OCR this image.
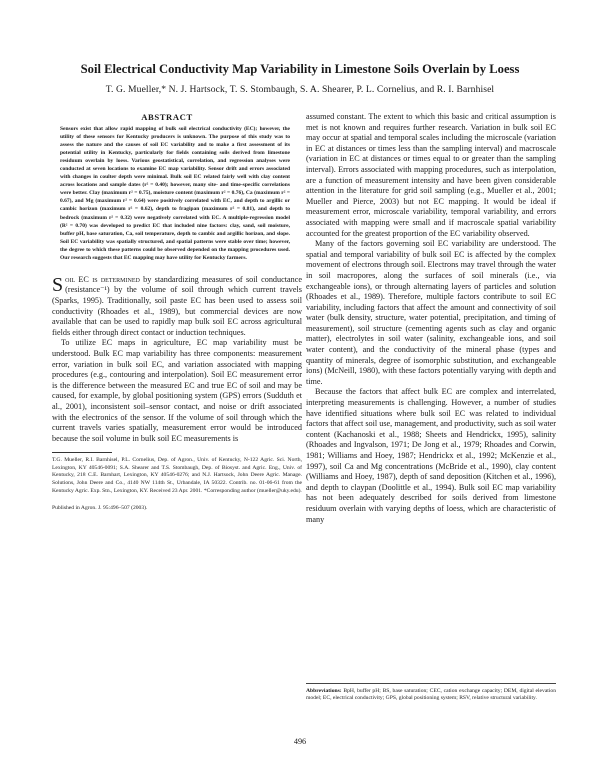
Soil Electrical Conductivity Map Variability in Limestone Soils Overlain by Loess
T. G. Mueller,* N. J. Hartsock, T. S. Stombaugh, S. A. Shearer, P. L. Cornelius, and R. I. Barnhisel
ABSTRACT
Sensors exist that allow rapid mapping of bulk soil electrical conductivity (EC); however, the utility of these sensors for Kentucky producers is unknown. The purpose of this study was to assess the nature and the causes of soil EC variability and to make a first assessment of its potential utility in Kentucky, particularly for fields containing soils derived from limestone residuum overlain by loess. Various geostatistical, correlation, and regression analyses were conducted at seven locations to examine EC map variability. Sensor drift and errors associated with changes in coulter depth were minimal. Bulk soil EC related fairly well with clay content across locations and sample dates (r² = 0.40); however, many site- and time-specific correlations were better. Clay (maximum r² = 0.75), moisture content (maximum r² = 0.76), Ca (maximum r² = 0.67), and Mg (maximum r² = 0.64) were positively correlated with EC, and depth to argillic or cambic horizon (maximum r² = 0.62), depth to fragipan (maximum r² = 0.81), and depth to bedrock (maximum r² = 0.32) were negatively correlated with EC. A multiple-regression model (R² = 0.70) was developed to predict EC that included nine factors: clay, sand, soil moisture, buffer pH, base saturation, Ca, soil temperature, depth to cambic and argillic horizon, and slope. Soil EC variability was spatially structured, and spatial patterns were stable over time; however, the degree to which these patterns could be observed depended on the mapping procedures used. Our research suggests that EC mapping may have utility for Kentucky farmers.

Soil EC is determined by standardizing measures of soil conductance (resistance⁻¹) by the volume of soil through which current travels (Sparks, 1995). Traditionally, soil paste EC has been used to assess soil conductivity (Rhoades et al., 1989), but commercial devices are now available that can be used to rapidly map bulk soil EC across agricultural fields either through direct contact or induction techniques.

To utilize EC maps in agriculture, EC map variability must be understood. Bulk EC map variability has three components: measurement error, variation in bulk soil EC, and variation associated with mapping procedures (e.g., contouring and interpolation). Soil EC measurement error is the difference between the measured EC and true EC of soil and may be caused, for example, by global positioning system (GPS) errors (Sudduth et al., 2001), inconsistent soil–sensor contact, and noise or drift associated with the electronics of the sensor. If the volume of soil through which the current travels varies spatially, measurement error would be introduced because the soil volume in bulk soil EC measurements is

T.G. Mueller, R.I. Barnhisel, P.L. Cornelius, Dep. of Agron., Univ. of Kentucky, N-122 Agric. Sci. North, Lexington, KY 40546-0091; S.A. Shearer and T.S. Stombaugh, Dep. of Biosyst. and Agric. Eng., Univ. of Kentucky, 218 C.E. Barnhart, Lexington, KY 40546-0276; and N.J. Hartsock, John Deere Agric. Manage. Solutions, John Deere and Co., 4140 NW 114th St., Urbandale, IA 50322. Contrib. no. 01-06-61 from the Kentucky Agric. Exp. Stn., Lexington, KY. Received 23 Apr. 2001. *Corresponding author (mueller@uky.edu).

Published in Agron. J. 95:496–507 (2003).

assumed constant. The extent to which this basic and critical assumption is met is not known and requires further research. Variation in bulk soil EC may occur at spatial and temporal scales including the microscale (variation in EC at distances or times less than the sampling interval) and macroscale (variation in EC at distances or times equal to or greater than the sampling interval). Errors associated with mapping procedures, such as interpolation, are a function of measurement intensity and have been given considerable attention in the literature for grid soil sampling (e.g., Mueller et al., 2001; Mueller and Pierce, 2003) but not EC mapping. It would be ideal if measurement error, microscale variability, temporal variability, and errors associated with mapping were small and if macroscale spatial variability accounted for the greatest proportion of the EC variability observed.

Many of the factors governing soil EC variability are understood. The spatial and temporal variability of bulk soil EC is affected by the complex movement of electrons through soil. Electrons may travel through the water in soil macropores, along the surfaces of soil minerals (i.e., via exchangeable ions), or through alternating layers of particles and solution (Rhoades et al., 1989). Therefore, multiple factors contribute to soil EC variability, including factors that affect the amount and connectivity of soil water (bulk density, structure, water potential, precipitation, and timing of measurement), soil structure (cementing agents such as clay and organic matter), electrolytes in soil water (salinity, exchangeable ions, and soil water content), and the conductivity of the mineral phase (types and quantity of minerals, degree of isomorphic substitution, and exchangeable ions) (McNeill, 1980), with these factors potentially varying with depth and time.

Because the factors that affect bulk EC are complex and interrelated, interpreting measurements is challenging. However, a number of studies have identified situations where bulk soil EC was related to individual factors that affect soil use, management, and productivity, such as soil water content (Kachanoski et al., 1988; Sheets and Hendrickx, 1995), salinity (Rhoades and Ingvalson, 1971; De Jong et al., 1979; Rhoades and Corwin, 1981; Williams and Hoey, 1987; Hendrickx et al., 1992; McKenzie et al., 1997), soil Ca and Mg concentrations (McBride et al., 1990), clay content (Williams and Hoey, 1987), depth of sand deposition (Kitchen et al., 1996), and depth to claypan (Doolittle et al., 1994). Bulk soil EC map variability has not been adequately described for soils derived from limestone residuum overlain with varying depths of loess, which are characteristic of many

Abbreviations: BpH, buffer pH; BS, base saturation; CEC, cation exchange capacity; DEM, digital elevation model; EC, electrical conductivity; GPS, global positioning system; RSV, relative structural variability.
496
